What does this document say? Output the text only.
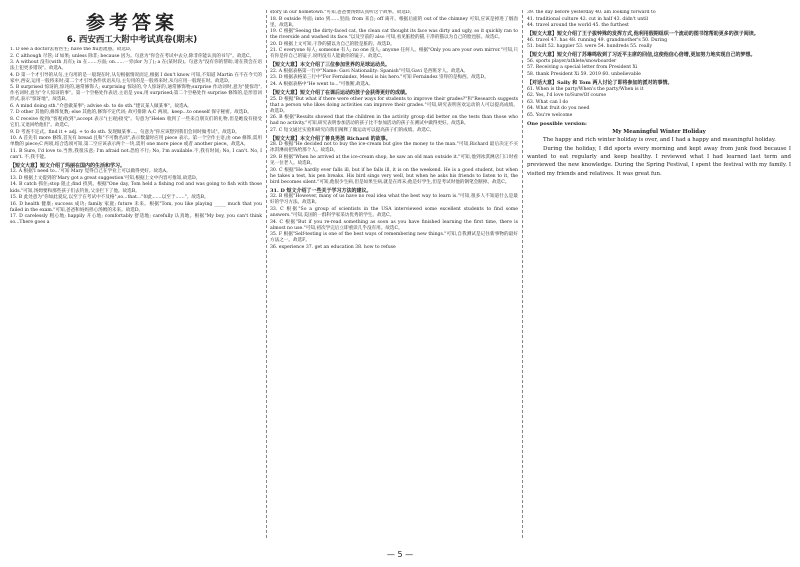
参考答案
6. 西安西工大附中考试真卷(期末)

1. D see a doctor去看医生; have the flu患流感。故选D。

2. C although 尽管; if 如果; unless 除非; because 因为。句意为"你会在考试中去分,除非你能认真的书写"。故选C。

3. A without 没有(with 具有); in 在……方面; on……一旁(for 为了); a 在(某时段)。句意为"没有你的帮助,请在我会在语法上犯更多错误"。故选A。

4. D 第一个才引导的从句,主句用的是一般现在时,从句根据情况而定,根据 I don't know 可知,不知道 Martin 在不在今天的家中,西安,运用一般将来时;第二个才引导条件状语从句,主句用的是一般将来时,从句应用一般现在时。故选D。

5. B surprised 惊讶的,惊诧的,通常修饰人; surprising 惊讶的,令人惊讶的,通常修饰物;surprise 作动词时,意为"使惊奇",作名词时,意为"令人惊讶的事"。第一个空格处作表语,主语是 you,用 surprised;第二个空格处作 surprise 修饰的,是形容词形式,表示"惊讶地"。故选B。

6. A mind doing sth."介意做某事"; advise sb. to do sth."建议某人做某事"。故选A。

7. D other 其他的,修饰复数; else 其他的,修饰不定代词; 故可排除 A;C 两项。keep...to oneself 保守秘密。故选D。

8. C receive 收到("客观)收到",accept 表示"(主观)接受"。句意为"Helen 收到了一些来自朋友们的礼物,但是她没有接受它们,又退回给他们"。故选C。

9. D 考查不定式。find it + adj. + to do sth. 发现做某事…。句意为"你应该想到我们会同时做考试"。故选D。

10. A 首先有 more 修饰,首先有 bread 且和"不可数名词",表示数量时应用 piece 表示。第一个空作主语,由 one 修饰,需用单数的 piece;C 两项,结合选项可知,第二空应该表示两个一块,需用 one more piece 或者 another piece。故选A。

11. B Sure, I'd love to.当然,我很乐意; I'm afraid not.恐怕不行; No, I'm available.不,我有时间; No, I can't. No, I can't. 不,我不能。

【短文大意】短文介绍了玛丽在国内的生活和学习。

12. A 根据'I need to...'可知 Mary 觉得自己在学业上可以做得更好。故选A。

13. D 根据上文提到的'Mary got a great suggestion'可知,根据上文中内容可推知,故选D。

14. B catch 抓住;stop 阻止;find 找到。根据"One day, Tom held a fishing rod and was going to fish with those kids."可知,汤姆要和那些孩子们去钓鱼,父亲拦下了他。故选B。

15. B 此处意为"你如此爱玩,以至于在考试中不及格",so...that..."如此……以至于……"。故选B。

16. D health 健康; success 成功; family 家庭; future 未来。根据"Tom, you like playing _____ much that you failed in the exam."可知,爸爸和妈妈担心汤姆的未来。故选D。

17. D carelessly 粗心地; happily 开心地; comfortably 舒适地; carefully 认真地。根据"My boy, you can't think so...There goes a

story in our hometown."可知,爸爸要汤姆认真听这个故事。故选D。

18. B outside 外面; into 到……里面; from 来自; off 离开。根据后面的 out of the chimney 可知,应该是掉进了烟囱里。故选B。

19. C 根据"Seeing the dirty-faced cat, the clean cat thought its face was dirty and ugly, so it quickly ran to the riverside and washed its face."以及空前的 also 可知,看见脏脸的猫,干净的猫以为自己的脸也脏。故选C。

20. D 根据上文可知,干净的猫以为自己的脸是脏的。故选D。

21. C everyone 每人; someone 有人; no one 没人; anyone 任何人。根据"Only you are your own mirror."可知,只有你是你自己的镜子,说明没有人能做你的镜子。故选C。

【短文大意】本文介绍了三位参加世界的足球运动员。

22. A 根据表格第一行中"Name: Gavi Nationality: Spanish"可知,Gavi 是西班牙人。故选A。

23. D 根据表格第三行中"For Fernández, Messi is his hero."可知 Fernández 崇拜的是梅西。故选D。

24. A 根据表格中"He went to..."可推断,故选A。

【短文大意】短文介绍了在课后运动的孩子会获得更好的成绩。

25. D 根据"But what if there were other ways for students to improve their grades?"和"Research suggests that a person who likes doing activities can improve their grades."可知,研究表明喜欢运动的人可以提高成绩。故选D。

26. B 根据"Results showed that the children in the activity group did better on the tests than those who had no activity."可知,研究表明参加活动的孩子比不参加活动的孩子在测试中做得更好。故选B。

27. C 短文通过实验和研究向我们阐释了做运动可以提高孩子们的成绩。故选C。

【短文大意】本文介绍了善良男孩 Richard 的故事。

28. D 根据"He decided not to buy the ice-cream but give the money to the man."可知,Richard 最后决定不买冰淇淋而把钱给那个人。故选D。

29. B 根据"When he arrived at the ice-cream shop, he saw an old man outside it."可知,他到冰淇淋店门口时看见一位老人。故选B。

30. C 根据"He hardly ever falls ill, but if he falls ill, it is on the weekend. He is a good student, but when he takes a test, his pen breaks. His bird sings very well, but when he asks his friends to listen to it, the bird becomes silent."可知,他很少生病,但是如果生病,就是在周末;他是好学生,但是考试时他的钢笔会断掉。故选C。

31. D 短文介绍了一些关于学习方法的建议。

32. B 根据"However, many of us have no real idea what the best way to learn is."可知,很多人不知道什么是最好的学习方法。故选B。

33. C 根据"So a group of scientists in the USA interviewed some excellent students to find some answers."可知,美国的一群科学家采访优秀的学生。故选C。

34. C 根据"But if you re-read something as soon as you have finished learning the first time, there is almost no use."可知,初次学完后立即重读几乎没有用。故选C。

35. F 根据"Self-testing is one of the best ways of remembering new things."可知,自我测试是记住新事物的最好方法之一。故选F。

36. experience 37. get an education 38. how to refuse

39. the day before yesterday 40. am looking forward to

41. traditional culture 42. cut in half 43. didn't until

44. travel around the world 45. the furthest

【短文大意】短文介绍了王子拔钟殊的发挥方式,他利用假期组织一个流动的图书馆帮助更多的孩子阅读。

46. travel 47. has 48. running 49. grandmother's 50. During

51. built 52. happier 53. were 54. hundreds 55. really

【短文大意】短文介绍了苏琳鸣收到了习近平主席的回信,这使他信心倍增,更加努力地实现自己的梦想。

56. sports player/athlete/snowboarder

57. Receiving a special letter from President Xi

58. thank President Xi 59. 2019 60. unbelievable

【对话大意】Sally 和 Tom 两人讨论了即将参加的派对的事情。

61. When is the party/When's the party/When is it

62. Yes, I'd love to/Sure/Of course

63. What can I do

64. What fruit do you need

65. You're welcome

One possible version:

My Meaningful Winter Holiday

The happy and rich winter holiday is over, and I had a happy and meaningful holiday.

During the holiday, I did sports every morning and kept away from junk food because I wanted to eat regularly and keep healthy. I reviewed what I had learned last term and previewed the new knowledge. During the Spring Festival, I spent the festival with my family. I visited my friends and relatives. It was great fun.

— 5 —
